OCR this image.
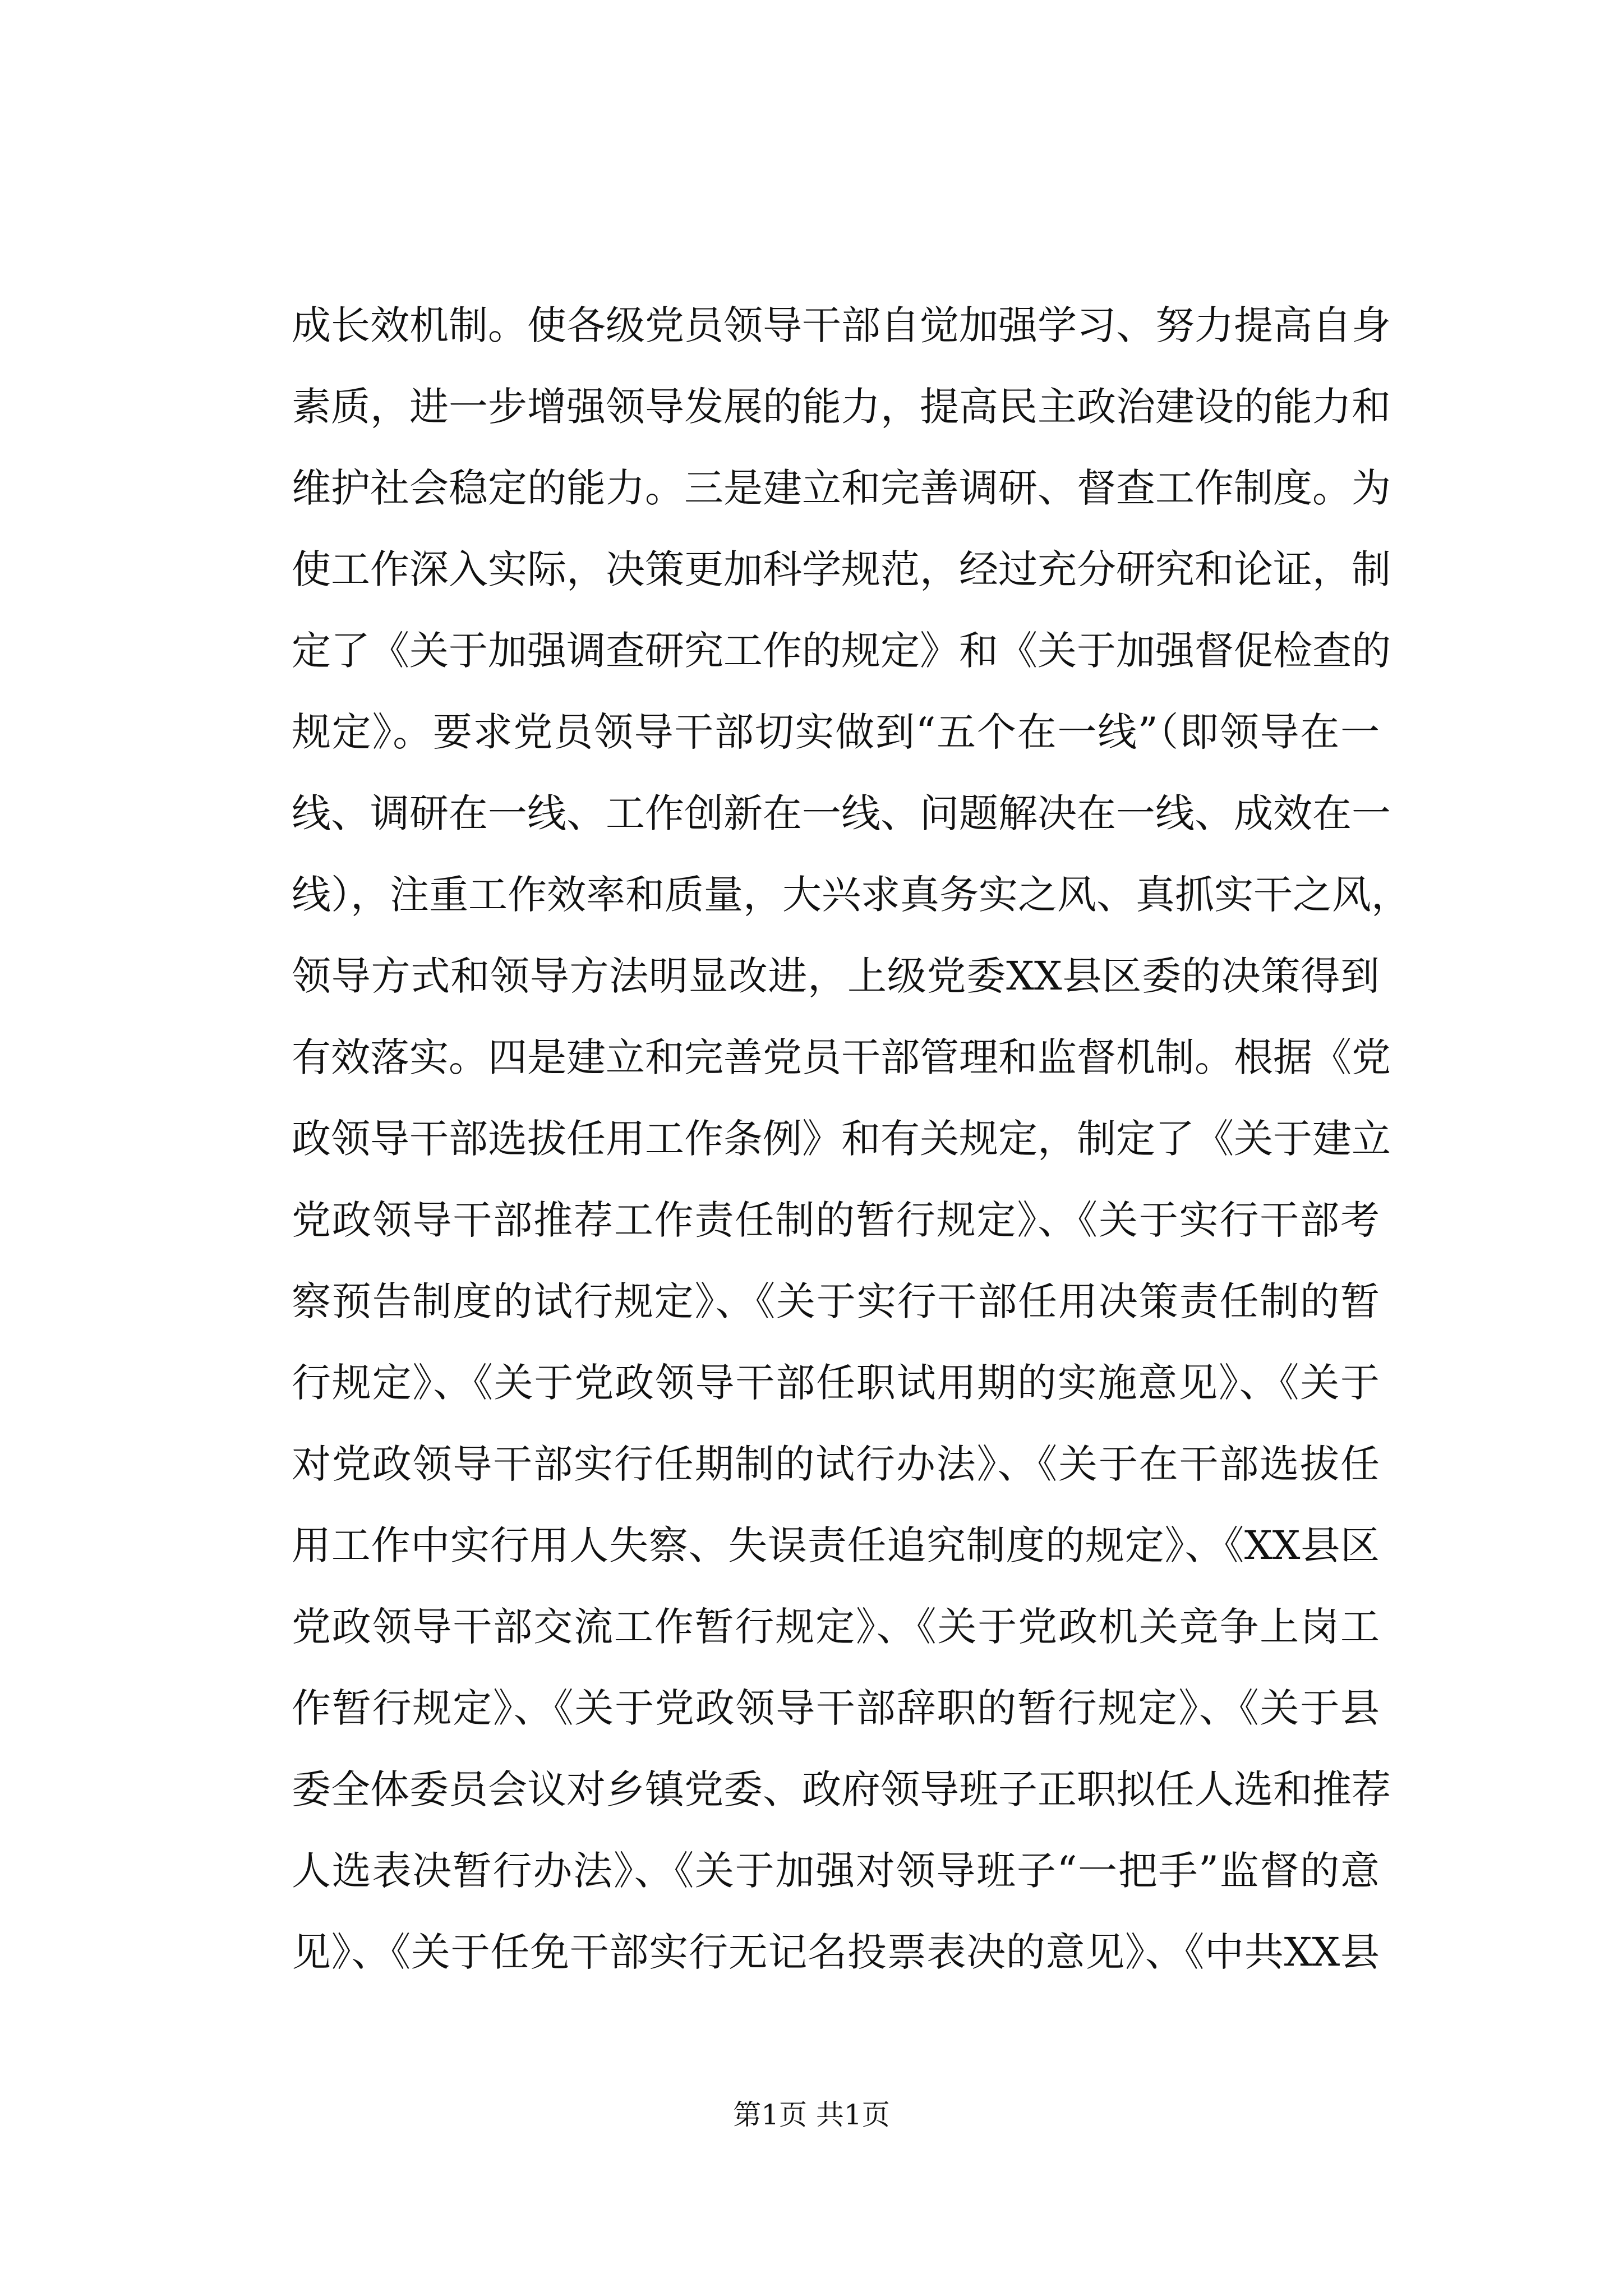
成长效机制。使各级党员领导干部自觉加强学习、努力提高自身
素质，进一步增强领导发展的能力，提高民主政治建设的能力和
维护社会稳定的能力。三是建立和完善调研、督查工作制度。为
使工作深入实际，决策更加科学规范，经过充分研究和论证，制
定了《关于加强调查研究工作的规定》和《关于加强督促检查的
规定》。要求党员领导干部切实做到“五个在一线”（即领导在一
线、调研在一线、工作创新在一线、问题解决在一线、成效在一
线），注重工作效率和质量，大兴求真务实之风、真抓实干之风，
领导方式和领导方法明显改进，上级党委XX县区委的决策得到
有效落实。四是建立和完善党员干部管理和监督机制。根据《党
政领导干部选拔任用工作条例》和有关规定，制定了《关于建立
党政领导干部推荐工作责任制的暂行规定》、《关于实行干部考
察预告制度的试行规定》、《关于实行干部任用决策责任制的暂
行规定》、《关于党政领导干部任职试用期的实施意见》、《关于
对党政领导干部实行任期制的试行办法》、《关于在干部选拔任
用工作中实行用人失察、失误责任追究制度的规定》、《XX县区
党政领导干部交流工作暂行规定》、《关于党政机关竞争上岗工
作暂行规定》、《关于党政领导干部辞职的暂行规定》、《关于县
委全体委员会议对乡镇党委、政府领导班子正职拟任人选和推荐
人选表决暂行办法》、《关于加强对领导班子“一把手”监督的意
见》、《关于任免干部实行无记名投票表决的意见》、《中共XX县
第1页 共1页
